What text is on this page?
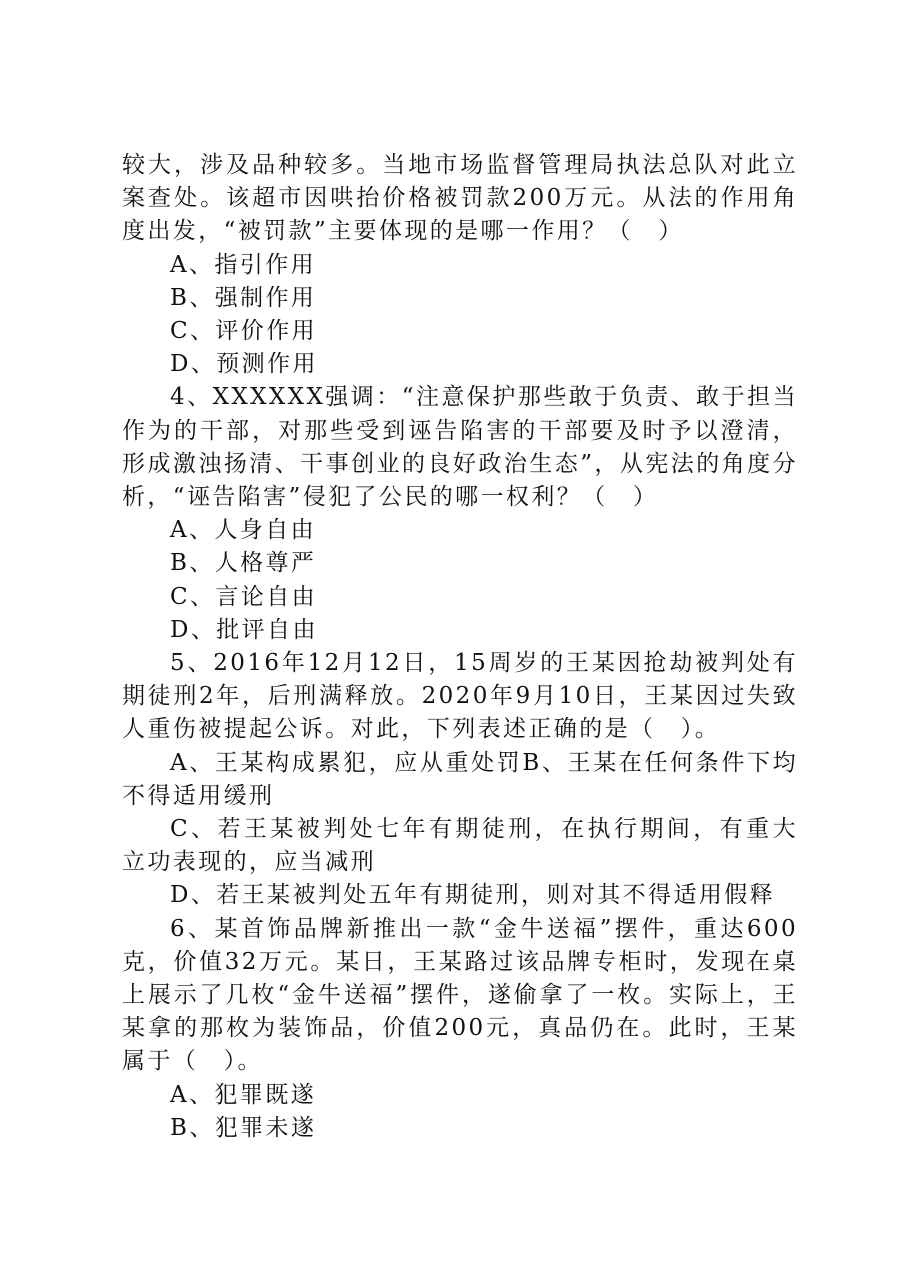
较大，涉及品种较多。当地市场监督管理局执法总队对此立案查处。该超市因哄抬价格被罚款200万元。从法的作用角度出发，“被罚款”主要体现的是哪一作用？（　）

A、指引作用

B、强制作用

C、评价作用

D、预测作用

4、XXXXXX强调：“注意保护那些敢于负责、敢于担当作为的干部，对那些受到诬告陷害的干部要及时予以澄清，形成激浊扬清、干事创业的良好政治生态”，从宪法的角度分析，“诬告陷害”侵犯了公民的哪一权利？（　）

A、人身自由

B、人格尊严

C、言论自由

D、批评自由

5、2016年12月12日，15周岁的王某因抢劫被判处有期徒刑2年，后刑满释放。2020年9月10日，王某因过失致人重伤被提起公诉。对此，下列表述正确的是（　）。

A、王某构成累犯，应从重处罚B、王某在任何条件下均不得适用缓刑

C、若王某被判处七年有期徒刑，在执行期间，有重大立功表现的，应当减刑

D、若王某被判处五年有期徒刑，则对其不得适用假释

6、某首饰品牌新推出一款“金牛送福”摆件，重达600克，价值32万元。某日，王某路过该品牌专柜时，发现在桌上展示了几枚“金牛送福”摆件，遂偷拿了一枚。实际上，王某拿的那枚为装饰品，价值200元，真品仍在。此时，王某属于（　）。

A、犯罪既遂

B、犯罪未遂
